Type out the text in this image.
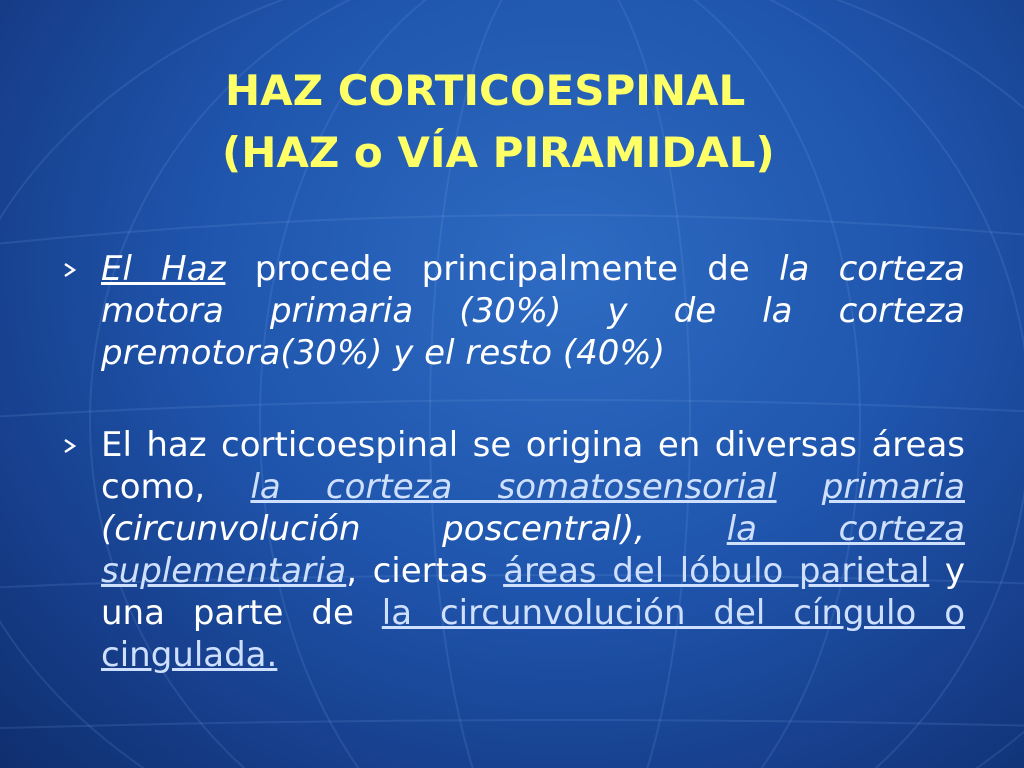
HAZ CORTICOESPINAL
(HAZ o VÍA PIRAMIDAL)
El Haz procede principalmente de la corteza motora primaria (30%) y de la corteza premotora(30%) y el resto (40%)
El haz corticoespinal se origina en diversas áreas como, la corteza somatosensorial primaria (circunvolución poscentral), la corteza suplementaria, ciertas áreas del lóbulo parietal y una parte de la circunvolución del cíngulo o cingulada.
